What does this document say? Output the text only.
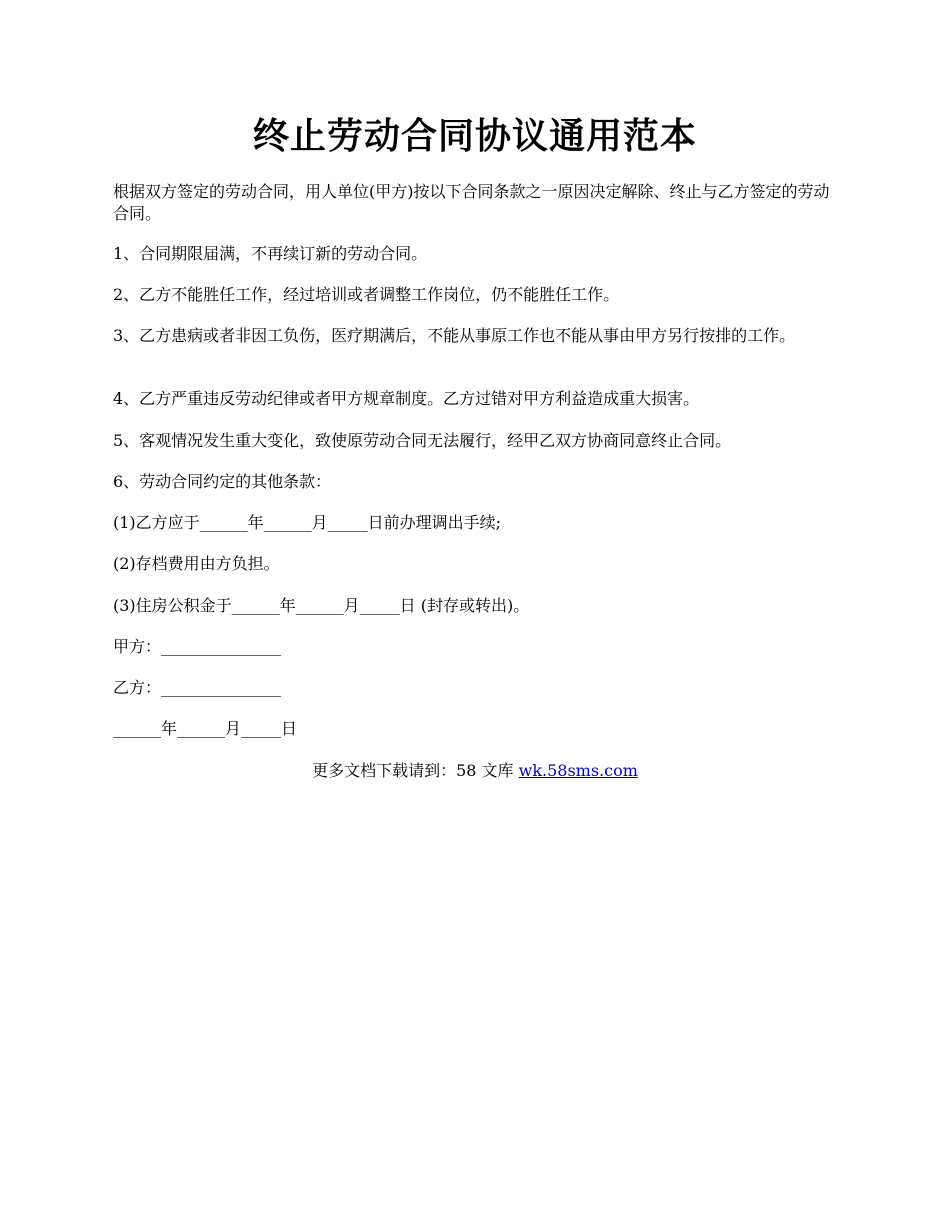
终止劳动合同协议通用范本
根据双方签定的劳动合同，用人单位(甲方)按以下合同条款之一原因决定解除、终止与乙方签定的劳动合同。
1、合同期限届满，不再续订新的劳动合同。
2、乙方不能胜任工作，经过培训或者调整工作岗位，仍不能胜任工作。
3、乙方患病或者非因工负伤，医疗期满后，不能从事原工作也不能从事由甲方另行按排的工作。
4、乙方严重违反劳动纪律或者甲方规章制度。乙方过错对甲方利益造成重大损害。
5、客观情况发生重大变化，致使原劳动合同无法履行，经甲乙双方协商同意终止合同。
6、劳动合同约定的其他条款：
(1)乙方应于______年______月_____日前办理调出手续;
(2)存档费用由方负担。
(3)住房公积金于______年______月_____日 (封存或转出)。
甲方：_______________
乙方：_______________
______年______月_____日
更多文档下载请到：58 文库 wk.58sms.com
